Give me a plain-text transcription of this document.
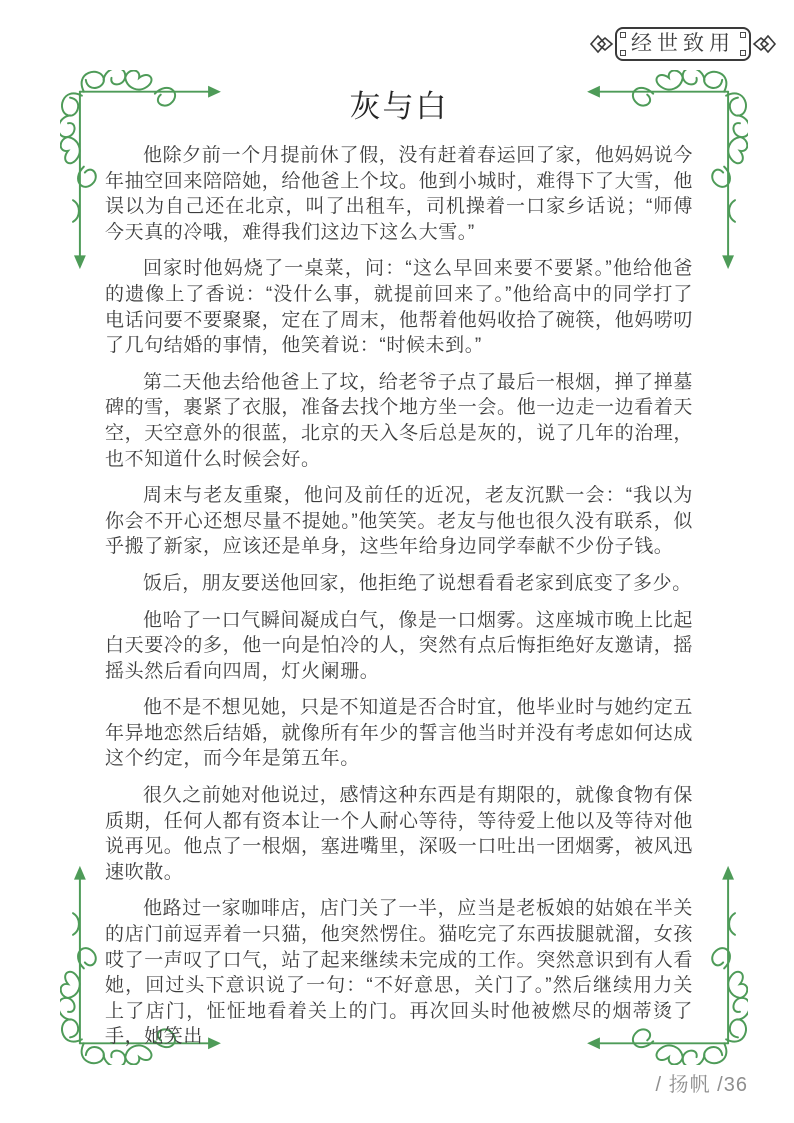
经世致用
灰与白

他除夕前一个月提前休了假，没有赶着春运回了家，他妈妈说今年抽空回来陪陪她，给他爸上个坟。他到小城时，难得下了大雪，他误以为自己还在北京，叫了出租车，司机操着一口家乡话说；“师傅今天真的冷哦，难得我们这边下这么大雪。”

回家时他妈烧了一桌菜，问：“这么早回来要不要紧。”他给他爸的遗像上了香说：“没什么事，就提前回来了。”他给高中的同学打了电话问要不要聚聚，定在了周末，他帮着他妈收拾了碗筷，他妈唠叨了几句结婚的事情，他笑着说：“时候未到。”

第二天他去给他爸上了坟，给老爷子点了最后一根烟，掸了掸墓碑的雪，裹紧了衣服，准备去找个地方坐一会。他一边走一边看着天空，天空意外的很蓝，北京的天入冬后总是灰的，说了几年的治理，也不知道什么时候会好。

周末与老友重聚，他问及前任的近况，老友沉默一会：“我以为你会不开心还想尽量不提她。”他笑笑。老友与他也很久没有联系，似乎搬了新家，应该还是单身，这些年给身边同学奉献不少份子钱。

饭后，朋友要送他回家，他拒绝了说想看看老家到底变了多少。

他哈了一口气瞬间凝成白气，像是一口烟雾。这座城市晚上比起白天要冷的多，他一向是怕冷的人，突然有点后悔拒绝好友邀请，摇摇头然后看向四周，灯火阑珊。

他不是不想见她，只是不知道是否合时宜，他毕业时与她约定五年异地恋然后结婚，就像所有年少的誓言他当时并没有考虑如何达成这个约定，而今年是第五年。

很久之前她对他说过，感情这种东西是有期限的，就像食物有保质期，任何人都有资本让一个人耐心等待，等待爱上他以及等待对他说再见。他点了一根烟，塞进嘴里，深吸一口吐出一团烟雾，被风迅速吹散。

他路过一家咖啡店，店门关了一半，应当是老板娘的姑娘在半关的店门前逗弄着一只猫，他突然愣住。猫吃完了东西拔腿就溜，女孩哎了一声叹了口气，站了起来继续未完成的工作。突然意识到有人看她，回过头下意识说了一句：“不好意思，关门了。”然后继续用力关上了店门，怔怔地看着关上的门。再次回头时他被燃尽的烟蒂烫了手，她笑出

/ 扬帆 /36
